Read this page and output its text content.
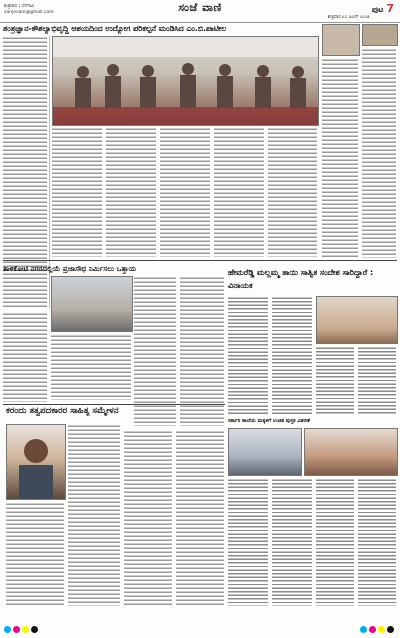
ಶುಕ್ರವಾರ | ಬೆಳಗಾವಿ
sanjevani@gmail.com	ಸಂಜೆ ವಾಣಿ	ಪುಟ 7
ಶುಕ್ರವಾರ ೩೦ ಜೂನ್ ೨೦೨೩
ತಂತ್ರಜ್ಞಾನ-ಕೌಶಲ್ಯಾಭಿವೃದ್ಧಿ ಆಶಯದಿಂದ ಉದ್ಯೋಗ ಪರಿಕಲ್ಪನೆ ಮಂಡಿಸಿದ ಎಂ.ಬಿ.ಪಾಟೀಲ
ತಾಳಿಕೋಟಿ ನಗರದಲ್ಲಿಯೆ ಪ್ರಜಾಸೌಧ ನಿರ್ಮಿಸಲು ಒತ್ತಾಯ	ಹೇಮರೆಡ್ಡಿ ಮಲ್ಲಮ್ಮ ತಾಯಿ ಸಾತ್ವಿಕ ಸಂದೇಶ ಸಾರಿದ್ದಾರೆ : ವಿನಾಯಕ
ಕರಂದು ತತ್ವಪದಕಾರರ ಸಾಹಿತ್ಯ ಸಮ್ಮೇಳನ
ಸರ್ಕಾರಿ ಶಾಲೆಯ ಮಕ್ಕಳಿಗೆ ಉಚಿತ ಪುಸ್ತಕ ವಿತರಣೆ
